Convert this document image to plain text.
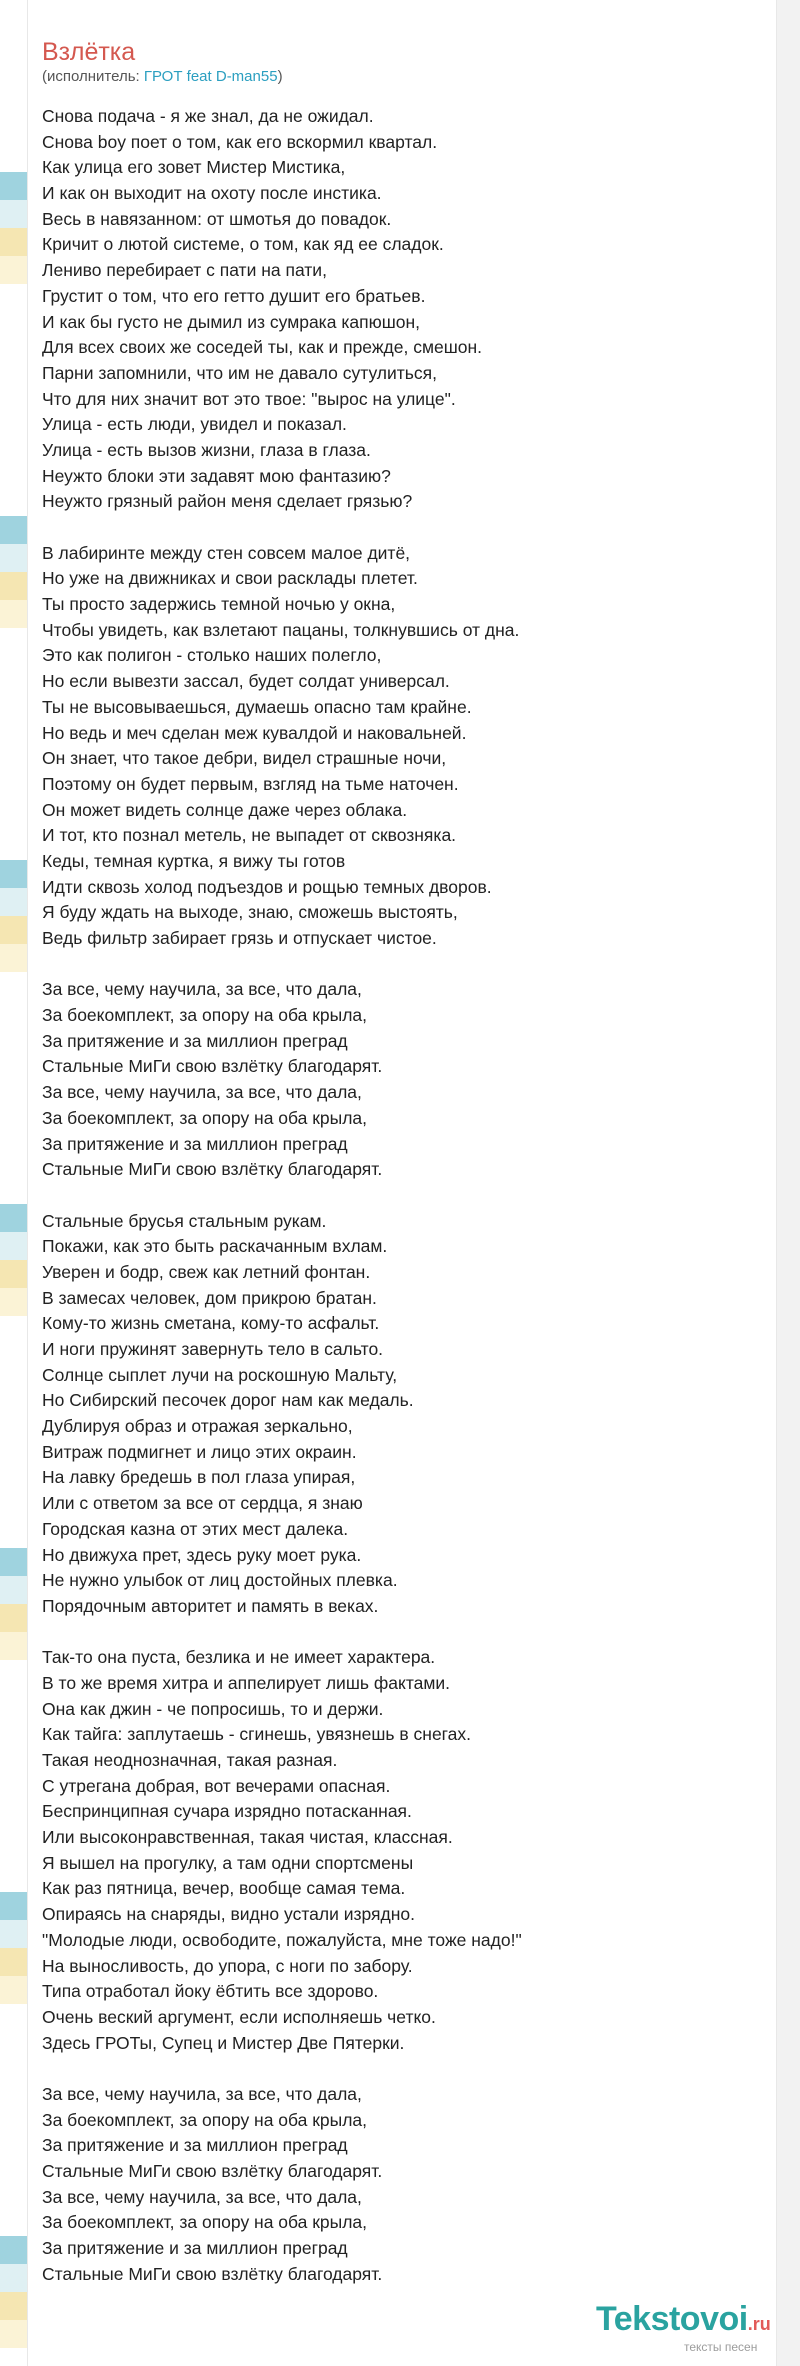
Взлётка
(исполнитель: ГРОТ feat D-man55)
Снова подача - я же знал, да не ожидал.
Снова boy поет о том, как его вскормил квартал.
Как улица его зовет Мистер Мистика,
И как он выходит на охоту после инстика.
Весь в навязанном: от шмотья до повадок.
Кричит о лютой системе, о том, как яд ее сладок.
Лениво перебирает с пати на пати,
Грустит о том, что его гетто душит его братьев.
И как бы густо не дымил из сумрака капюшон,
Для всех своих же соседей ты, как и прежде, смешон.
Парни запомнили, что им не давало сутулиться,
Что для них значит вот это твое: "вырос на улице".
Улица - есть люди, увидел и показал.
Улица - есть вызов жизни, глаза в глаза.
Неужто блоки эти задавят мою фантазию?
Неужто грязный район меня сделает грязью?
В лабиринте между стен совсем малое дитё,
Но уже на движниках и свои расклады плетет.
Ты просто задержись темной ночью у окна,
Чтобы увидеть, как взлетают пацаны, толкнувшись от дна.
Это как полигон - столько наших полегло,
Но если вывезти зассал, будет солдат универсал.
Ты не высовываешься, думаешь опасно там крайне.
Но ведь и меч сделан меж кувалдой и наковальней.
Он знает, что такое дебри, видел страшные ночи,
Поэтому он будет первым, взгляд на тьме наточен.
Он может видеть солнце даже через облака.
И тот, кто познал метель, не выпадет от сквозняка.
Кеды, темная куртка, я вижу ты готов
Идти сквозь холод подъездов и рощью темных дворов.
Я буду ждать на выходе, знаю, сможешь выстоять,
Ведь фильтр забирает грязь и отпускает чистое.
За все, чему научила, за все, что дала,
За боекомплект, за опору на оба крыла,
За притяжение и за миллион преград
Стальные МиГи свою взлётку благодарят.
За все, чему научила, за все, что дала,
За боекомплект, за опору на оба крыла,
За притяжение и за миллион преград
Стальные МиГи свою взлётку благодарят.
Стальные брусья стальным рукам.
Покажи, как это быть раскачанным вхлам.
Уверен и бодр, свеж как летний фонтан.
В замесах человек, дом прикрою братан.
Кому-то жизнь сметана, кому-то асфальт.
И ноги пружинят завернуть тело в сальто.
Солнце сыплет лучи на роскошную Мальту,
Но Сибирский песочек дорог нам как медаль.
Дублируя образ и отражая зеркально,
Витраж подмигнет и лицо этих окраин.
На лавку бредешь в пол глаза упирая,
Или с ответом за все от сердца, я знаю
Городская казна от этих мест далека.
Но движуха прет, здесь руку моет рука.
Не нужно улыбок от лиц достойных плевка.
Порядочным авторитет и память в веках.
Так-то она пуста, безлика и не имеет характера.
В то же время хитра и аппелирует лишь фактами.
Она как джин - че попросишь, то и держи.
Как тайга: заплутаешь - сгинешь, увязнешь в снегах.
Такая неоднозначная, такая разная.
С утреганa добрая, вот вечерами опасная.
Беспринципная сучара изрядно потасканная.
Или высоконравственная, такая чистая, классная.
Я вышел на прогулку, а там одни спортсмены
Как раз пятница, вечер, вообще самая тема.
Опираясь на снаряды, видно устали изрядно.
"Молодые люди, освободите, пожалуйста, мне тоже надо!"
На выносливость, до упора, с ноги по забору.
Типа отработал йоку ёбтить все здорово.
Очень веский аргумент, если исполняешь четко.
Здесь ГРОТы, Супец и Мистер Две Пятерки.
За все, чему научила, за все, что дала,
За боекомплект, за опору на оба крыла,
За притяжение и за миллион преград
Стальные МиГи свою взлётку благодарят.
За все, чему научила, за все, что дала,
За боекомплект, за опору на оба крыла,
За притяжение и за миллион преград
Стальные МиГи свою взлётку благодарят.
Tekstovoi.ru
тексты песен
